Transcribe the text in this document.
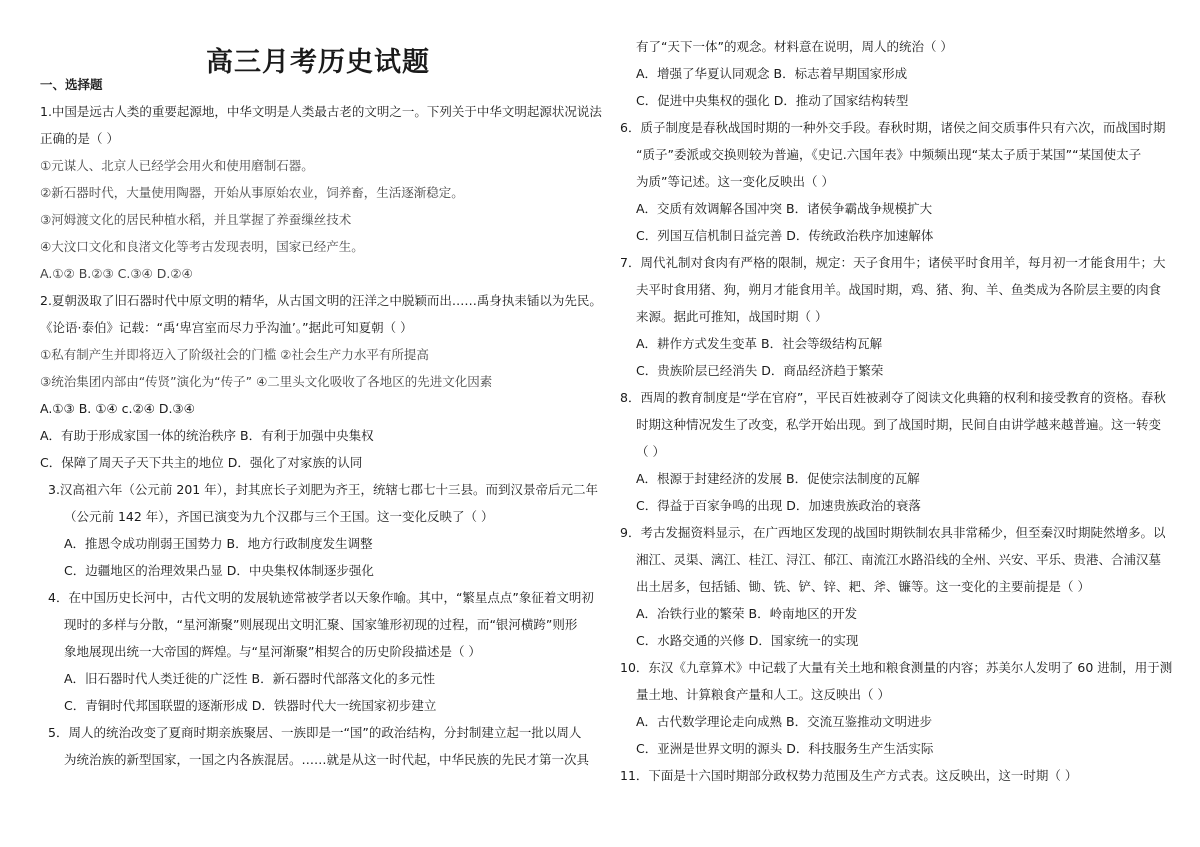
高三月考历史试题
一、选择题
1.中国是远古人类的重要起源地，中华文明是人类最古老的文明之一。下列关于中华文明起源状况说法
正确的是（ ）
①元谋人、北京人已经学会用火和使用磨制石器。
②新石器时代，大量使用陶器，开始从事原始农业，饲养畜，生活逐渐稳定。
③河姆渡文化的居民种植水稻，并且掌握了养蚕缫丝技术
④大汶口文化和良渚文化等考古发现表明，国家已经产生。
A.①② B.②③ C.③④ D.②④
2.夏朝汲取了旧石器时代中原文明的精华，从古国文明的汪洋之中脱颖而出……禹身执耒锸以为先民。
《论语·泰伯》记载：“禹‘卑宫室而尽力乎沟洫’。”据此可知夏朝（ ）
①私有制产生并即将迈入了阶级社会的门槛 ②社会生产力水平有所提高
③统治集团内部由“传贤”演化为“传子” ④二里头文化吸收了各地区的先进文化因素
A.①③ B. ①④ c.②④ D.③④
A．有助于形成家国一体的统治秩序 B．有利于加强中央集权
C．保障了周天子天下共主的地位 D．强化了对家族的认同
3.汉高祖六年（公元前 201 年），封其庶长子刘肥为齐王，统辖七郡七十三县。而到汉景帝后元二年
（公元前 142 年），齐国已演变为九个汉郡与三个王国。这一变化反映了（ ）
A．推恩令成功削弱王国势力 B．地方行政制度发生调整
C．边疆地区的治理效果凸显 D．中央集权体制逐步强化
4．在中国历史长河中，古代文明的发展轨迹常被学者以天象作喻。其中，“繁星点点”象征着文明初
现时的多样与分散，“星河渐聚”则展现出文明汇聚、国家雏形初现的过程，而“银河横跨”则形
象地展现出统一大帝国的辉煌。与“星河渐聚”相契合的历史阶段描述是（ ）
A．旧石器时代人类迁徙的广泛性 B．新石器时代部落文化的多元性
C．青铜时代邦国联盟的逐渐形成 D．铁器时代大一统国家初步建立
5．周人的统治改变了夏商时期亲族聚居、一族即是一“国”的政治结构，分封制建立起一批以周人
为统治族的新型国家，一国之内各族混居。……就是从这一时代起，中华民族的先民才第一次具
有了“天下一体”的观念。材料意在说明，周人的统治（ ）
A．增强了华夏认同观念 B．标志着早期国家形成
C．促进中央集权的强化 D．推动了国家结构转型
6．质子制度是春秋战国时期的一种外交手段。春秋时期，诸侯之间交质事件只有六次，而战国时期
“质子”委派或交换则较为普遍，《史记.六国年表》中频频出现“某太子质于某国”“某国使太子
为质”等记述。这一变化反映出（ ）
A．交质有效调解各国冲突 B．诸侯争霸战争规模扩大
C．列国互信机制日益完善 D．传统政治秩序加速解体
7．周代礼制对食肉有严格的限制，规定：天子食用牛；诸侯平时食用羊，每月初一才能食用牛；大
夫平时食用猪、狗，朔月才能食用羊。战国时期，鸡、猪、狗、羊、鱼类成为各阶层主要的肉食
来源。据此可推知，战国时期（ ）
A．耕作方式发生变革 B．社会等级结构瓦解
C．贵族阶层已经消失 D．商品经济趋于繁荣
8．西周的教育制度是“学在官府”，平民百姓被剥夺了阅读文化典籍的权利和接受教育的资格。春秋
时期这种情况发生了改变，私学开始出现。到了战国时期，民间自由讲学越来越普遍。这一转变
（ ）
A．根源于封建经济的发展 B．促使宗法制度的瓦解
C．得益于百家争鸣的出现 D．加速贵族政治的衰落
9．考古发掘资料显示，在广西地区发现的战国时期铁制农具非常稀少，但至秦汉时期陡然增多。以
湘江、灵渠、漓江、桂江、浔江、郁江、南流江水路沿线的全州、兴安、平乐、贵港、合浦汉墓
出土居多，包括锸、锄、铣、铲、锌、耙、斧、镰等。这一变化的主要前提是（ ）
A．冶铁行业的繁荣 B．岭南地区的开发
C．水路交通的兴修 D．国家统一的实现
10．东汉《九章算术》中记载了大量有关土地和粮食测量的内容；苏美尔人发明了 60 进制，用于测
量土地、计算粮食产量和人工。这反映出（ ）
A．古代数学理论走向成熟 B．交流互鉴推动文明进步
C．亚洲是世界文明的源头 D．科技服务生产生活实际
11．下面是十六国时期部分政权势力范围及生产方式表。这反映出，这一时期（ ）
